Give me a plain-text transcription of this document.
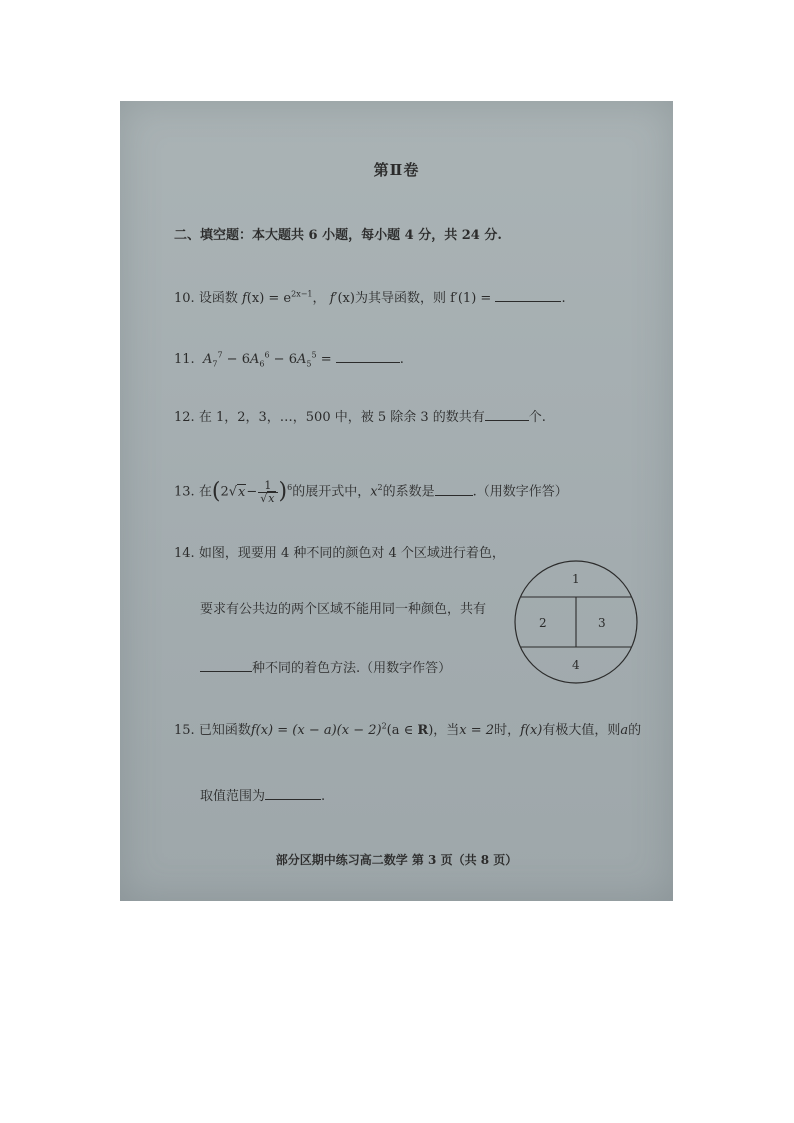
第Ⅱ卷
二、填空题：本大题共 6 小题，每小题 4 分，共 24 分.
10. 设函数 $f(x) = e^{2x-1}$， f′(x)为其导函数，则 f′(1) =	.
11. $A_7^7 - 6A_6^6 - 6A_5^5$ =	.
12. 在 1，2，3，…，500 中，被 5 除余 3 的数共有	个.
13. 在$(2√x- \frac{1}{√x} )^6$的展开式中，$x^2$的系数是	.（用数字作答）
14. 如图，现要用 4 种不同的颜色对 4 个区域进行着色，
要求有公共边的两个区域不能用同一种颜色，共有
种不同的着色方法.（用数字作答）
1
2	3
4
15. 已知函数$f(x) = (x - a)(x - 2)^2(a$ ∈ R)，当x = 2时，f(x)有极大值，则a的
取值范围为	.
部分区期中练习高二数学 第 3 页（共 8 页）
